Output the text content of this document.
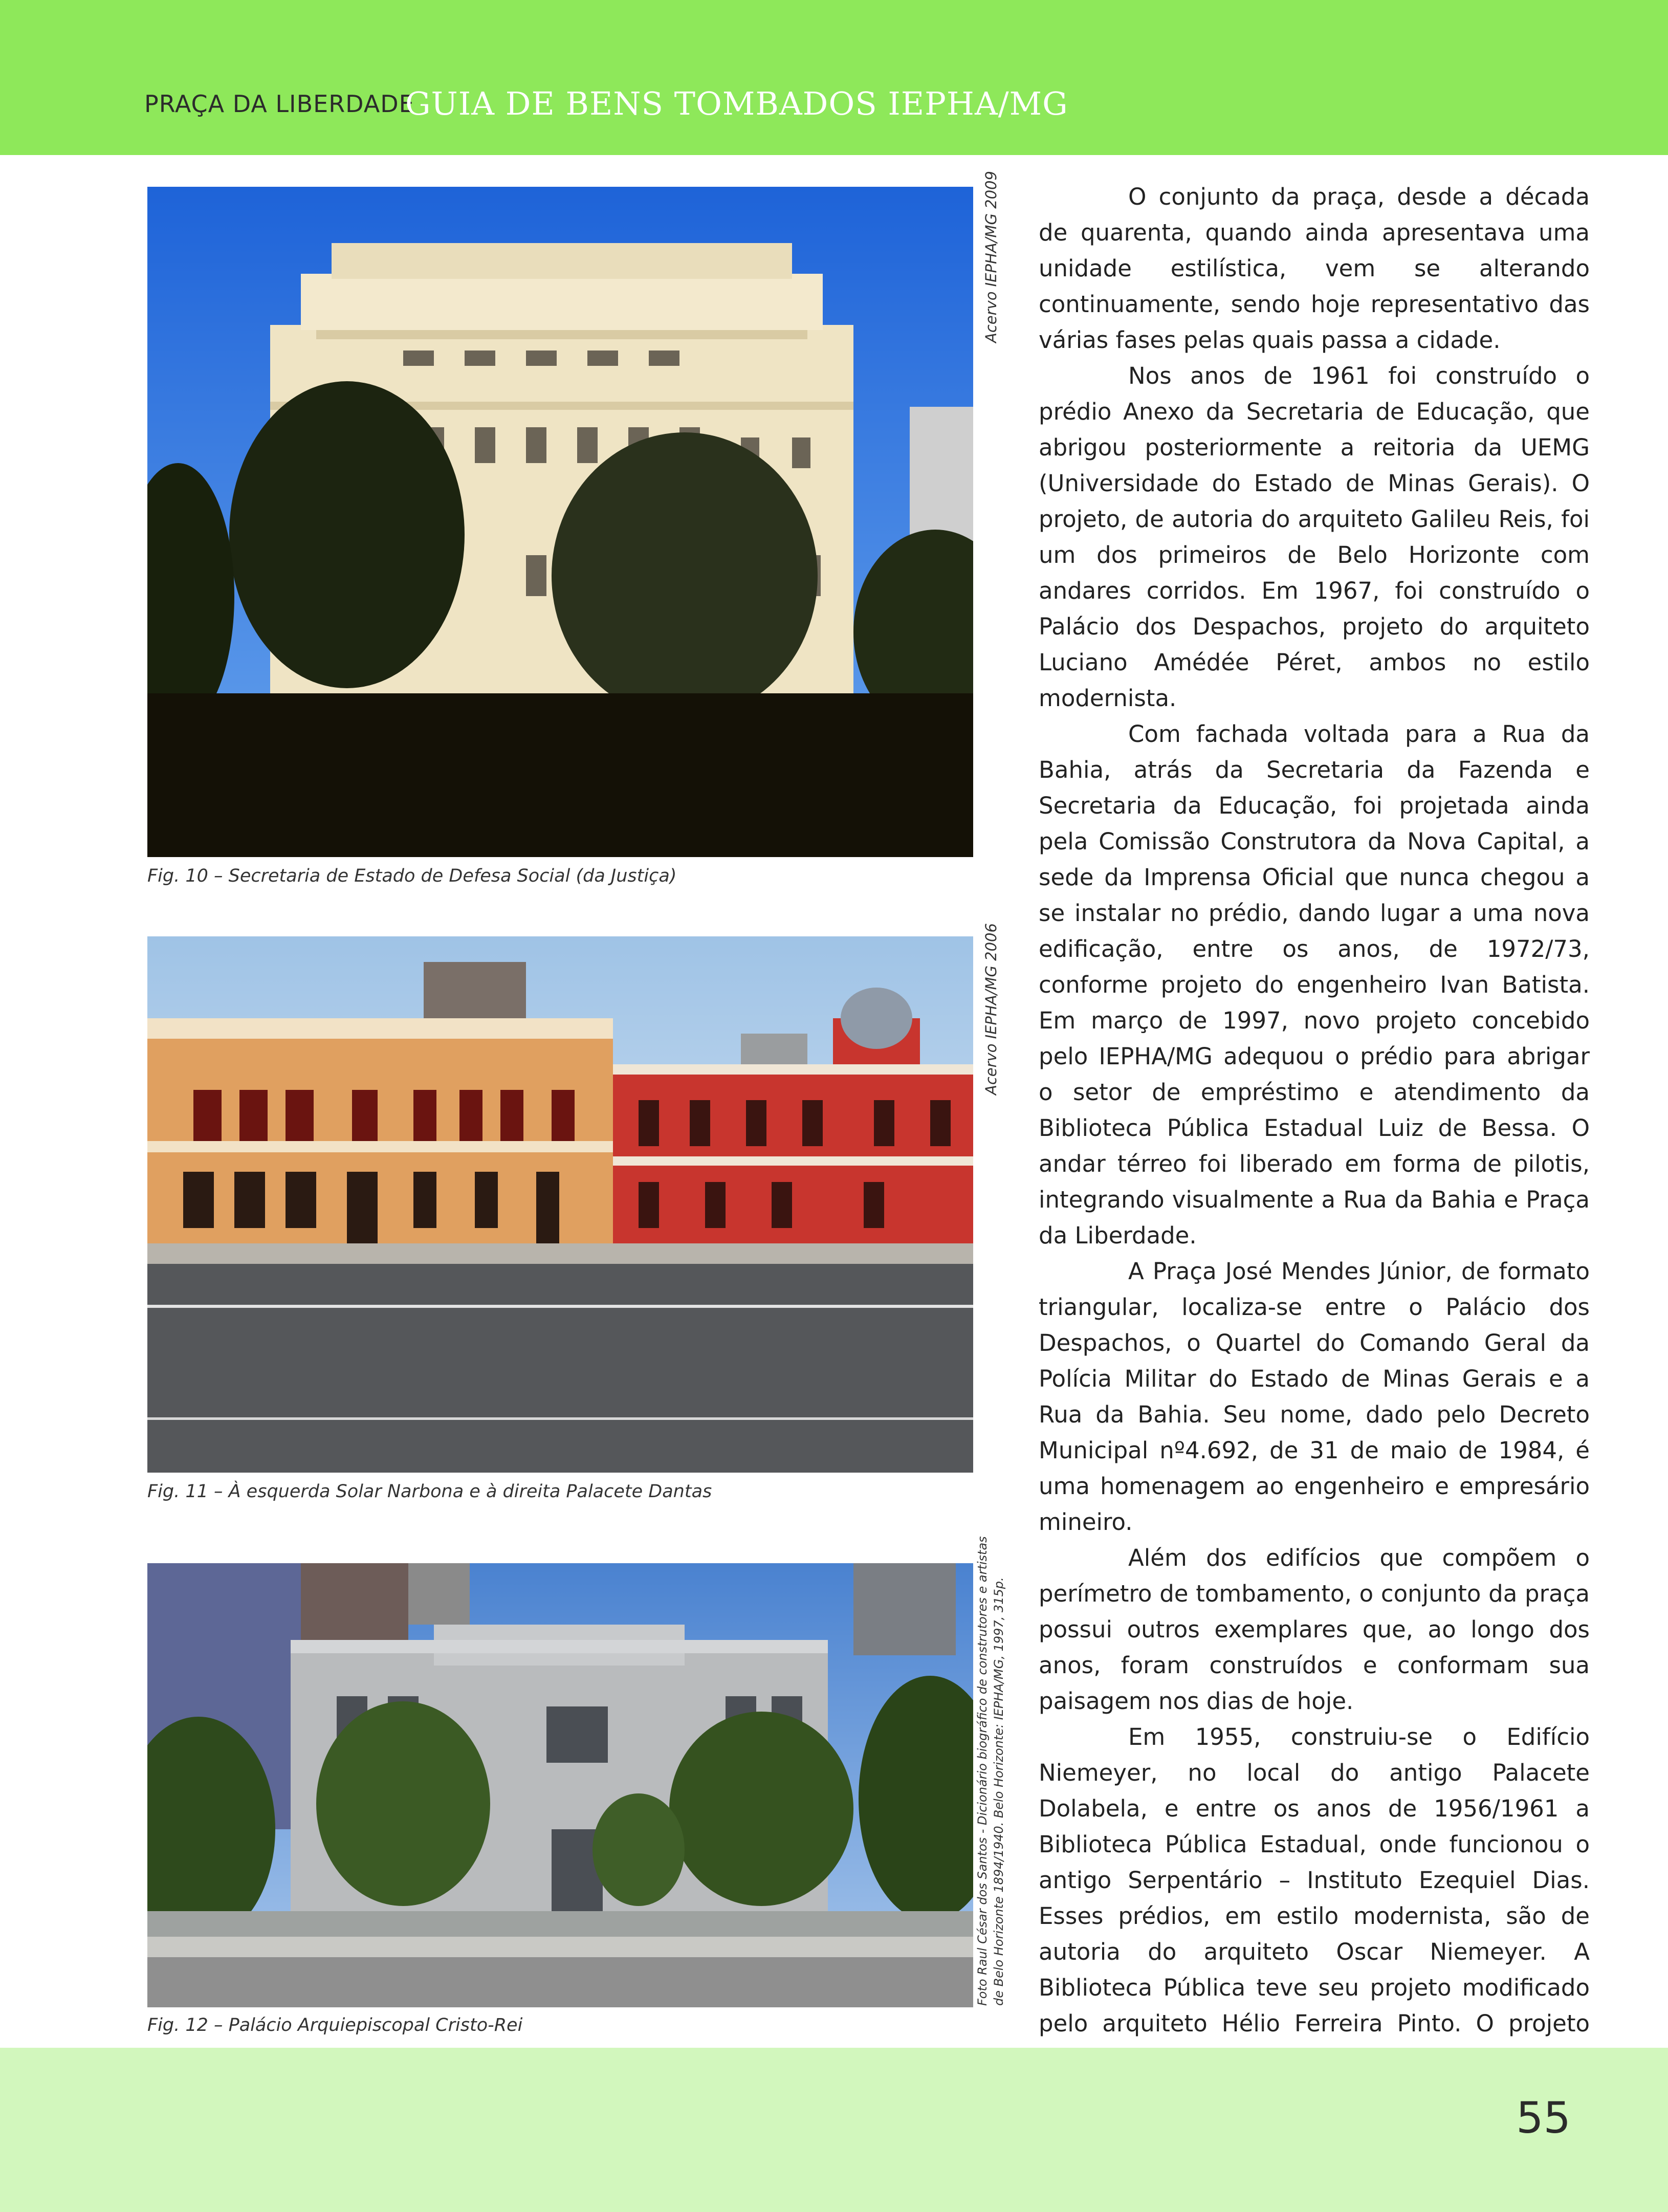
PRAÇA DA LIBERDADE
GUIA DE BENS TOMBADOS IEPHA/MG
Fig. 10 – Secretaria de Estado de Defesa Social (da Justiça)
Acervo IEPHA/MG 2009
Fig. 11 – À esquerda Solar Narbona e à direita Palacete Dantas
Acervo IEPHA/MG 2006
Fig. 12 – Palácio Arquiepiscopal Cristo-Rei
Foto Raul César dos Santos - Dicionário biográfico de construtores e artistas de Belo Horizonte 1894/1940. Belo Horizonte: IEPHA/MG, 1997, 315p.

O conjunto da praça, desde a década de quarenta, quando ainda apresentava uma unidade estilística, vem se alterando continuamente, sendo hoje representativo das várias fases pelas quais passa a cidade.

Nos anos de 1961 foi construído o prédio Anexo da Secretaria de Educação, que abrigou posteriormente a reitoria da UEMG (Universidade do Estado de Minas Gerais). O projeto, de autoria do arquiteto Galileu Reis, foi um dos primeiros de Belo Horizonte com andares corridos. Em 1967, foi construído o Palácio dos Despachos, projeto do arquiteto Luciano Amédée Péret, ambos no estilo modernista.

Com fachada voltada para a Rua da Bahia, atrás da Secretaria da Fazenda e Secretaria da Educação, foi projetada ainda pela Comissão Construtora da Nova Capital, a sede da Imprensa Oficial que nunca chegou a se instalar no prédio, dando lugar a uma nova edificação, entre os anos, de 1972/73, conforme projeto do engenheiro Ivan Batista. Em março de 1997, novo projeto concebido pelo IEPHA/MG adequou o prédio para abrigar o setor de empréstimo e atendimento da Biblioteca Pública Estadual Luiz de Bessa. O andar térreo foi liberado em forma de pilotis, integrando visualmente a Rua da Bahia e Praça da Liberdade.

A Praça José Mendes Júnior, de formato triangular, localiza-se entre o Palácio dos Despachos, o Quartel do Comando Geral da Polícia Militar do Estado de Minas Gerais e a Rua da Bahia. Seu nome, dado pelo Decreto Municipal nº4.692, de 31 de maio de 1984, é uma homenagem ao engenheiro e empresário mineiro.

Além dos edifícios que compõem o perímetro de tombamento, o conjunto da praça possui outros exemplares que, ao longo dos anos, foram construídos e conformam sua paisagem nos dias de hoje.

Em 1955, construiu-se o Edifício Niemeyer, no local do antigo Palacete Dolabela, e entre os anos de 1956/1961 a Biblioteca Pública Estadual, onde funcionou o antigo Serpentário – Instituto Ezequiel Dias. Esses prédios, em estilo modernista, são de autoria do arquiteto Oscar Niemeyer. A Biblioteca Pública teve seu projeto modificado pelo arquiteto Hélio Ferreira Pinto. O projeto

55
